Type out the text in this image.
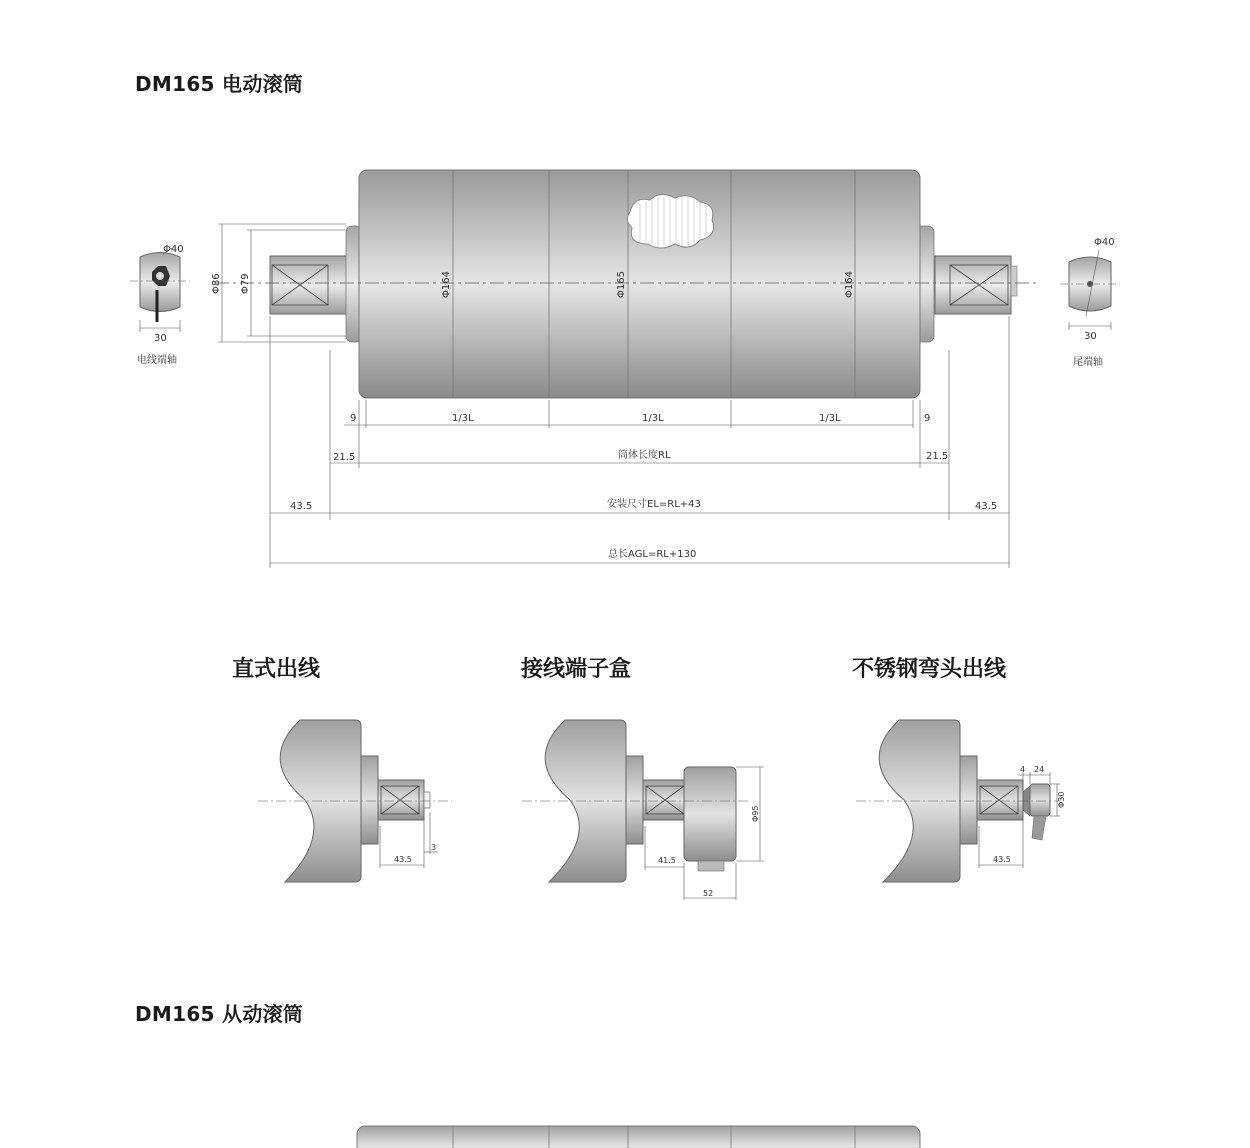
DM165 电动滚筒
Φ86 Φ79	Φ164	Φ165	Φ164
Φ40
Φ40
30	30
电线端轴	尾端轴
9	9
1/3L	1/3L	1/3L
21.5	21.5
筒体长度RL
43.5	43.5
安装尺寸EL=RL+43
总长AGL=RL+130
直式出线	接线端子盒	不锈钢弯头出线
43.5
3
41.5
52
Φ95
43.5
4 24
Φ30
DM165 从动滚筒
